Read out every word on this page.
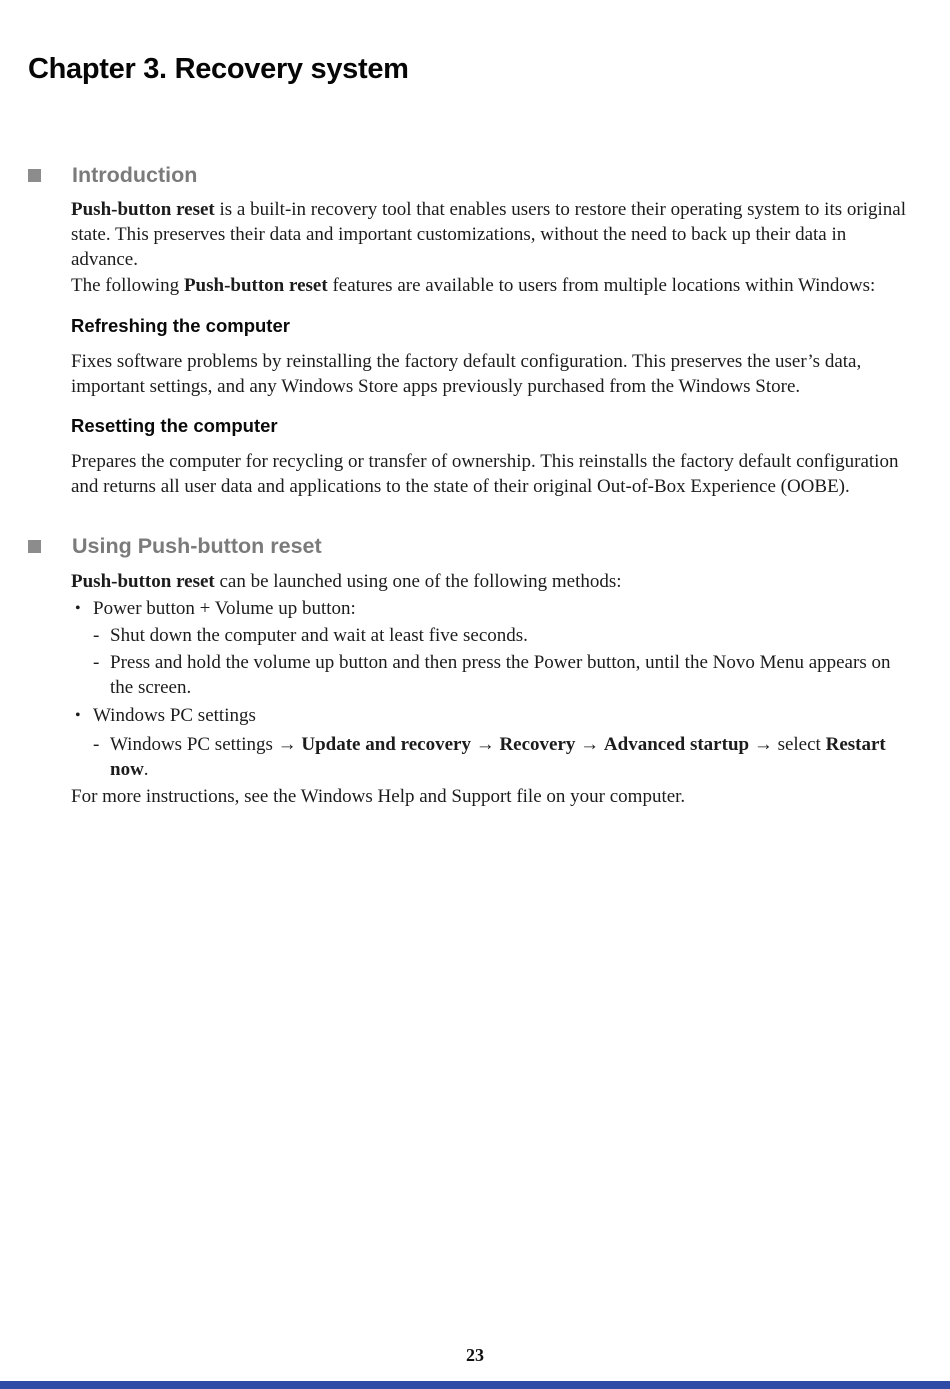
Chapter 3. Recovery system
Introduction

Push-button reset is a built-in recovery tool that enables users to restore their operating system to its original state. This preserves their data and important customizations, without the need to back up their data in advance.

The following Push-button reset features are available to users from multiple locations within Windows:

Refreshing the computer

Fixes software problems by reinstalling the factory default configuration. This preserves the user’s data, important settings, and any Windows Store apps previously purchased from the Windows Store.

Resetting the computer

Prepares the computer for recycling or transfer of ownership. This reinstalls the factory default configuration and returns all user data and applications to the state of their original Out-of-Box Experience (OOBE).

Using Push-button reset

Push-button reset can be launched using one of the following methods:

• Power button + Volume up button:
- Shut down the computer and wait at least five seconds.
- Press and hold the volume up button and then press the Power button, until the Novo Menu appears on the screen.
• Windows PC settings
- Windows PC settings → Update and recovery → Recovery → Advanced startup → select Restart now.

For more instructions, see the Windows Help and Support file on your computer.

23
